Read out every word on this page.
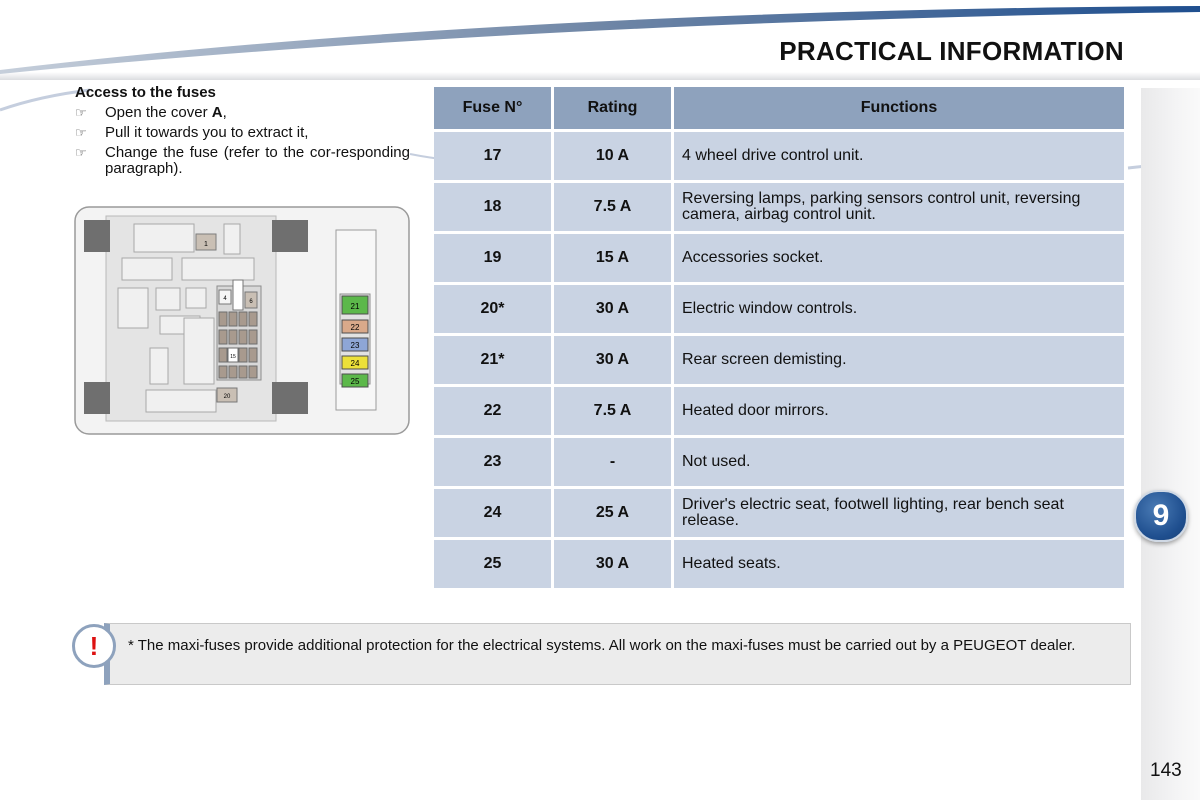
PRACTICAL INFORMATION
9
143
Access to the fuses
☞	Open the cover A,
☞	Pull it towards you to extract it,
☞	Change the fuse (refer to the cor-responding paragraph).
1
4	6
15
20
21
22
23
24
25
Fuse N°	Rating	Functions
17	10 A	4 wheel drive control unit.
18	7.5 A	Reversing lamps, parking sensors control unit, reversing camera, airbag control unit.
19	15 A	Accessories socket.
20*	30 A	Electric window controls.
21*	30 A	Rear screen demisting.
22	7.5 A	Heated door mirrors.
23	-	Not used.
24	25 A	Driver's electric seat, footwell lighting, rear bench seat release.
25	30 A	Heated seats.
* The maxi-fuses provide additional protection for the electrical systems. All work on the maxi-fuses must be carried out by a PEUGEOT dealer.
!
